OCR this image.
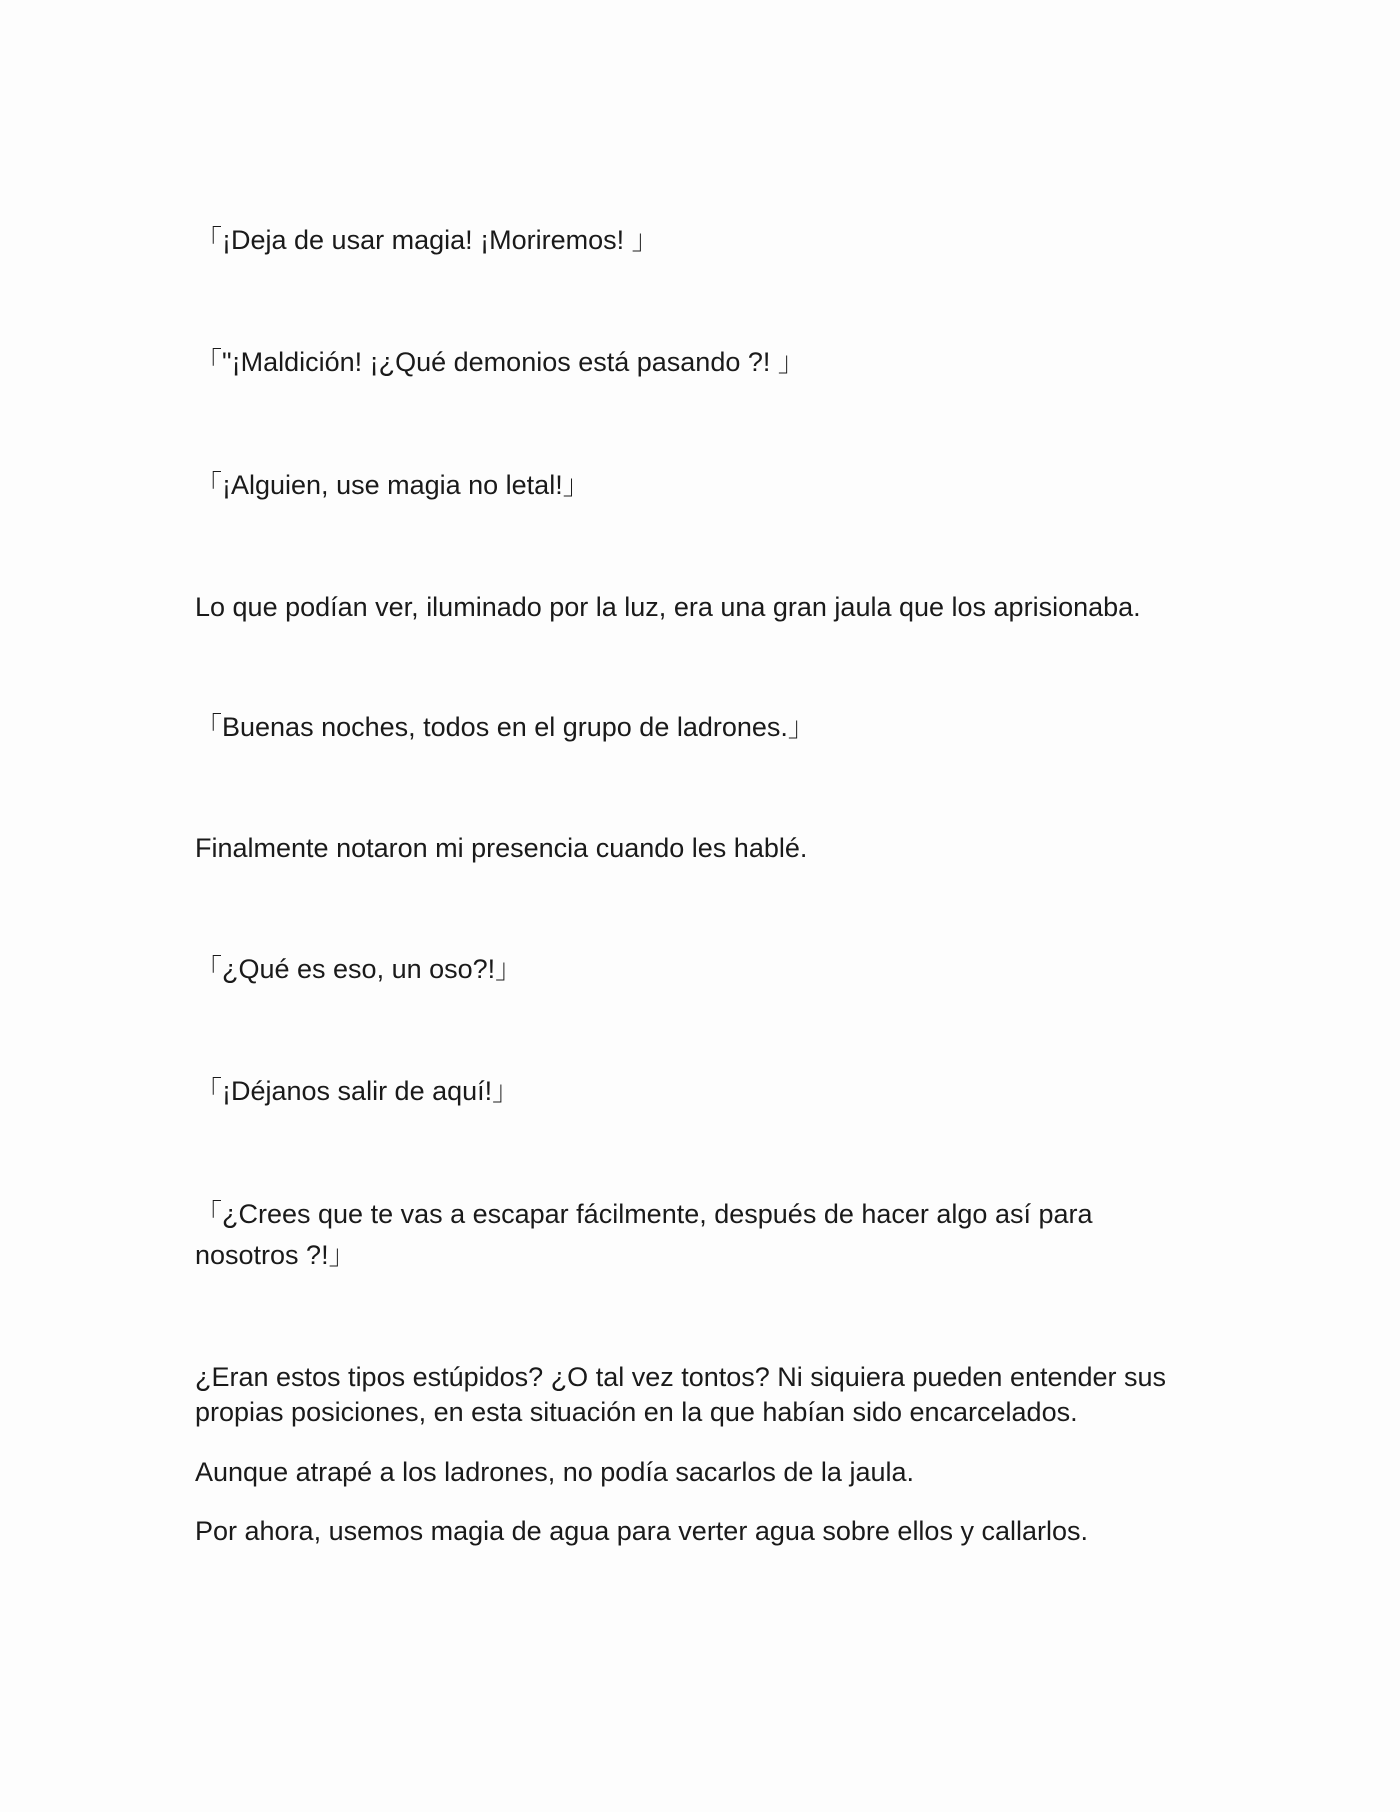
「¡Deja de usar magia! ¡Moriremos! 」
「"¡Maldición! ¡¿Qué demonios está pasando ?! 」
「¡Alguien, use magia no letal!」
Lo que podían ver, iluminado por la luz, era una gran jaula que los aprisionaba.
「Buenas noches, todos en el grupo de ladrones.」
Finalmente notaron mi presencia cuando les hablé.
「¿Qué es eso, un oso?!」
「¡Déjanos salir de aquí!」
「¿Crees que te vas a escapar fácilmente, después de hacer algo así para
nosotros ?!」
¿Eran estos tipos estúpidos? ¿O tal vez tontos? Ni siquiera pueden entender sus
propias posiciones, en esta situación en la que habían sido encarcelados.
Aunque atrapé a los ladrones, no podía sacarlos de la jaula.
Por ahora, usemos magia de agua para verter agua sobre ellos y callarlos.
